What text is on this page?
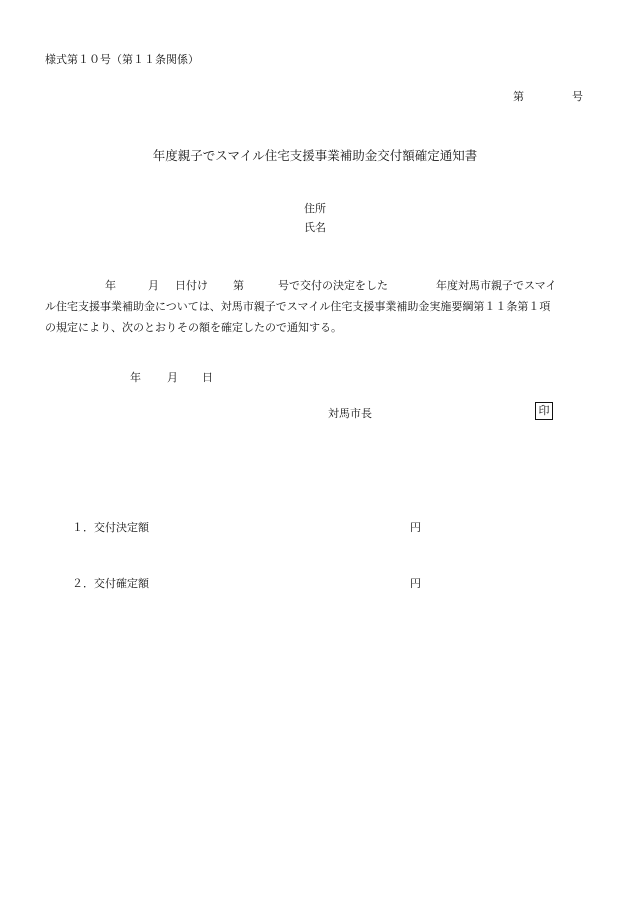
様式第１０号（第１１条関係）
第	号
年度親子でスマイル住宅支援事業補助金交付額確定通知書
住所
氏名
年	月 日付け 第	号で交付の決定をした	年度対馬市親子でスマイ
ル住宅支援事業補助金については、対馬市親子でスマイル住宅支援事業補助金実施要綱第１１条第１項
の規定により、次のとおりその額を確定したので通知する。
年 月 日
対馬市長	印
１．交付決定額	円
２．交付確定額	円
